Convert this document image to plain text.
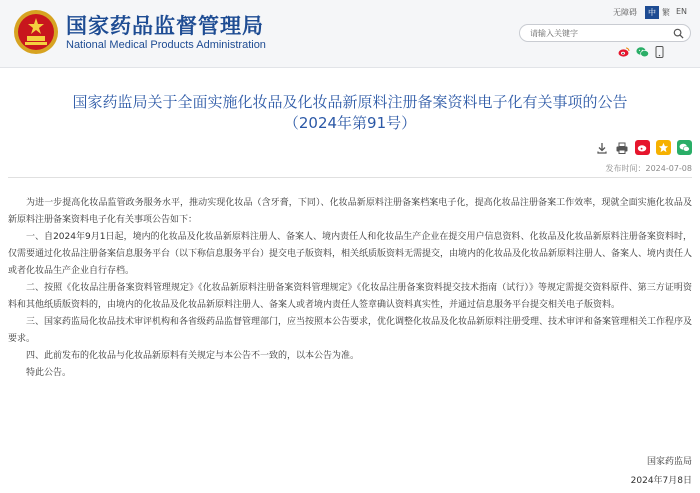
国家药品监督管理局
National Medical Products Administration
无障碍	中 繁 EN
请输入关键字
国家药监局关于全面实施化妆品及化妆品新原料注册备案资料电子化有关事项的公告
（2024年第91号）
发布时间：2024-07-08

为进一步提高化妆品监管政务服务水平，推动实现化妆品（含牙膏，下同）、化妆品新原料注册备案档案电子化，提高化妆品注册备案工作效率，现就全面实施化妆品及新原料注册备案资料电子化有关事项公告如下：

一、自2024年9月1日起，境内的化妆品及化妆品新原料注册人、备案人、境内责任人和化妆品生产企业在提交用户信息资料、化妆品及化妆品新原料注册备案资料时，仅需要通过化妆品注册备案信息服务平台（以下称信息服务平台）提交电子版资料，相关纸质版资料无需提交，由境内的化妆品及化妆品新原料注册人、备案人、境内责任人或者化妆品生产企业自行存档。

二、按照《化妆品注册备案资料管理规定》《化妆品新原料注册备案资料管理规定》《化妆品注册备案资料提交技术指南（试行）》等规定需提交资料原件、第三方证明资料和其他纸质版资料的，由境内的化妆品及化妆品新原料注册人、备案人或者境内责任人签章确认资料真实性，并通过信息服务平台提交相关电子版资料。

三、国家药监局化妆品技术审评机构和各省级药品监督管理部门，应当按照本公告要求，优化调整化妆品及化妆品新原料注册受理、技术审评和备案管理相关工作程序及要求。

四、此前发布的化妆品与化妆品新原料有关规定与本公告不一致的，以本公告为准。

特此公告。

国家药监局
2024年7月8日
